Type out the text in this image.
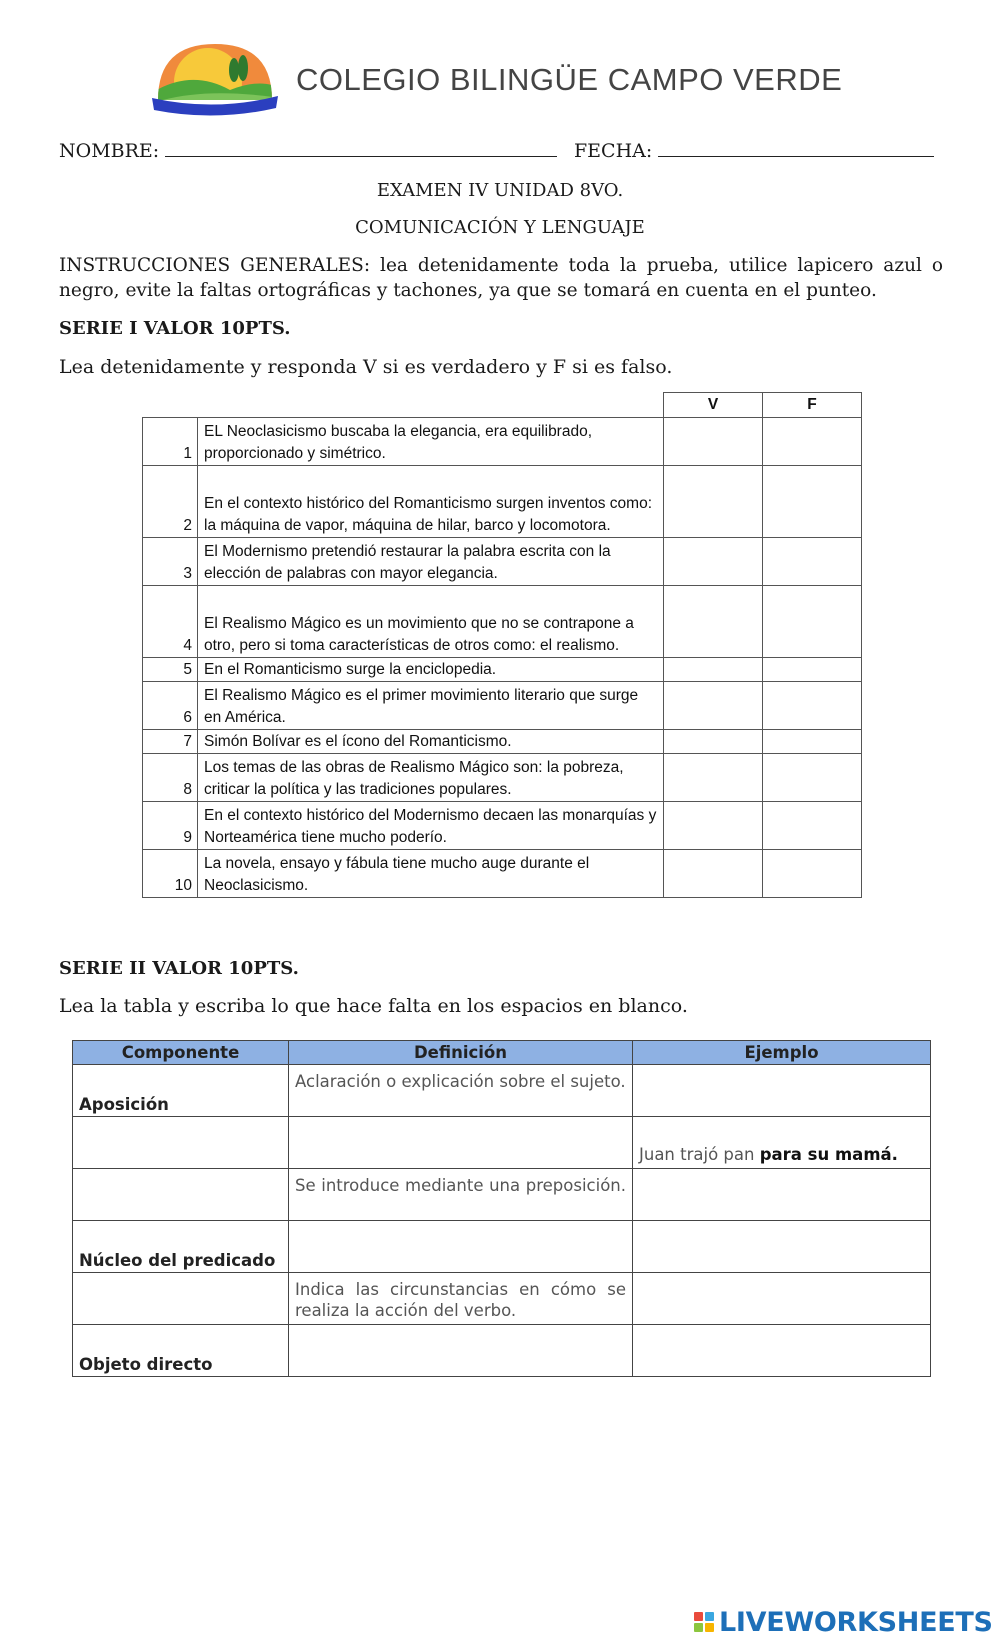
COLEGIO BILINGÜE CAMPO VERDE
NOMBRE:	FECHA:
EXAMEN IV UNIDAD 8VO.
COMUNICACIÓN Y LENGUAJE
INSTRUCCIONES GENERALES: lea detenidamente toda la prueba, utilice lapicero azul o negro, evite la faltas ortográficas y tachones, ya que se tomará en cuenta en el punteo.
SERIE I VALOR 10PTS.
Lea detenidamente y responda V si es verdadero y F si es falso.
		V	F
1	EL Neoclasicismo buscaba la elegancia, era equilibrado, proporcionado y simétrico.		
2	En el contexto histórico del Romanticismo surgen inventos como: la máquina de vapor, máquina de hilar, barco y locomotora.		
3	El Modernismo pretendió restaurar la palabra escrita con la elección de palabras con mayor elegancia.		
4	El Realismo Mágico es un movimiento que no se contrapone a otro, pero si toma características de otros como: el realismo.		
5	En el Romanticismo surge la enciclopedia.		
6	El Realismo Mágico es el primer movimiento literario que surge en América.		
7	Simón Bolívar es el ícono del Romanticismo.		
8	Los temas de las obras de Realismo Mágico son: la pobreza, criticar la política y las tradiciones populares.		
9	En el contexto histórico del Modernismo decaen las monarquías y Norteamérica tiene mucho poderío.		
10	La novela, ensayo y fábula tiene mucho auge durante el Neoclasicismo.		
SERIE II VALOR 10PTS.
Lea la tabla y escriba lo que hace falta en los espacios en blanco.
Componente	Definición	Ejemplo
Aposición	Aclaración o explicación sobre el sujeto.	
		Juan trajó pan para su mamá.
	Se introduce mediante una preposición.	
Núcleo del predicado		
	Indica las circunstancias en cómo se realiza la acción del verbo.	
Objeto directo		
LIVEWORKSHEETS
